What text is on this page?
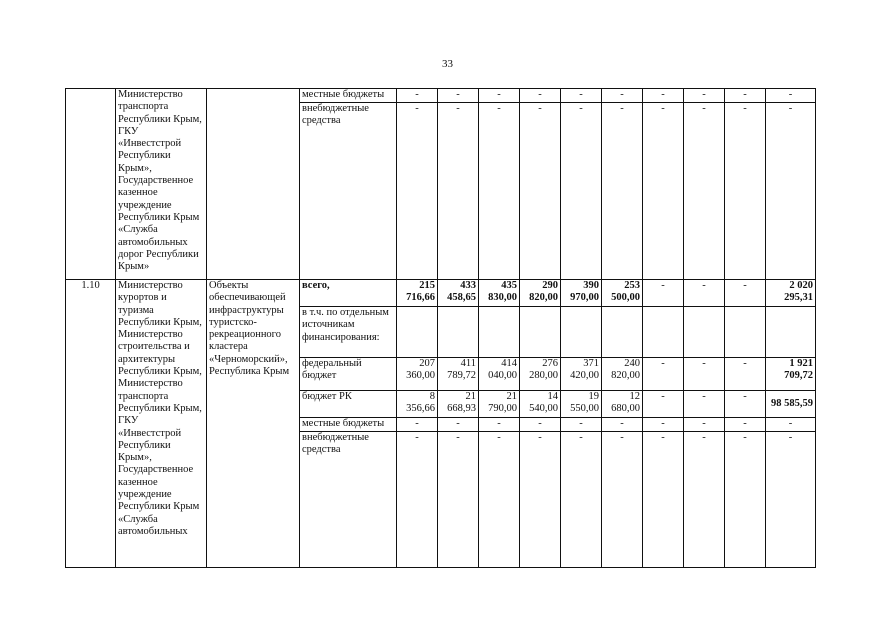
33
	Министерство транспорта Республики Крым, ГКУ «Инвестстрой Республики Крым», Государственное казенное учреждение Республики Крым «Служба автомобильных дорог Республики Крым»		местные бюджеты	-	-	-	-	-	-	-	-	-	-
			внебюджетные средства	-	-	-	-	-	-	-	-	-	-
1.10	Министерство курортов и туризма Республики Крым, Министерство строительства и архитектуры Республики Крым, Министерство транспорта Республики Крым, ГКУ «Инвестстрой Республики Крым», Государственное казенное учреждение Республики Крым «Служба автомобильных	Объекты обеспечивающей инфраструктуры туристско-рекреационного кластера «Черноморский», Республика Крым	всего,	215 716,66	433 458,65	435 830,00	290 820,00	390 970,00	253 500,00	-	-	-	2 020 295,31
			в т.ч. по отдельным источникам финансирования:										
			федеральный бюджет	207 360,00	411 789,72	414 040,00	276 280,00	371 420,00	240 820,00	-	-	-	1 921 709,72
			бюджет РК	8 356,66	21 668,93	21 790,00	14 540,00	19 550,00	12 680,00	-	-	-	98 585,59
			местные бюджеты	-	-	-	-	-	-	-	-	-	-
			внебюджетные средства	-	-	-	-	-	-	-	-	-	-
